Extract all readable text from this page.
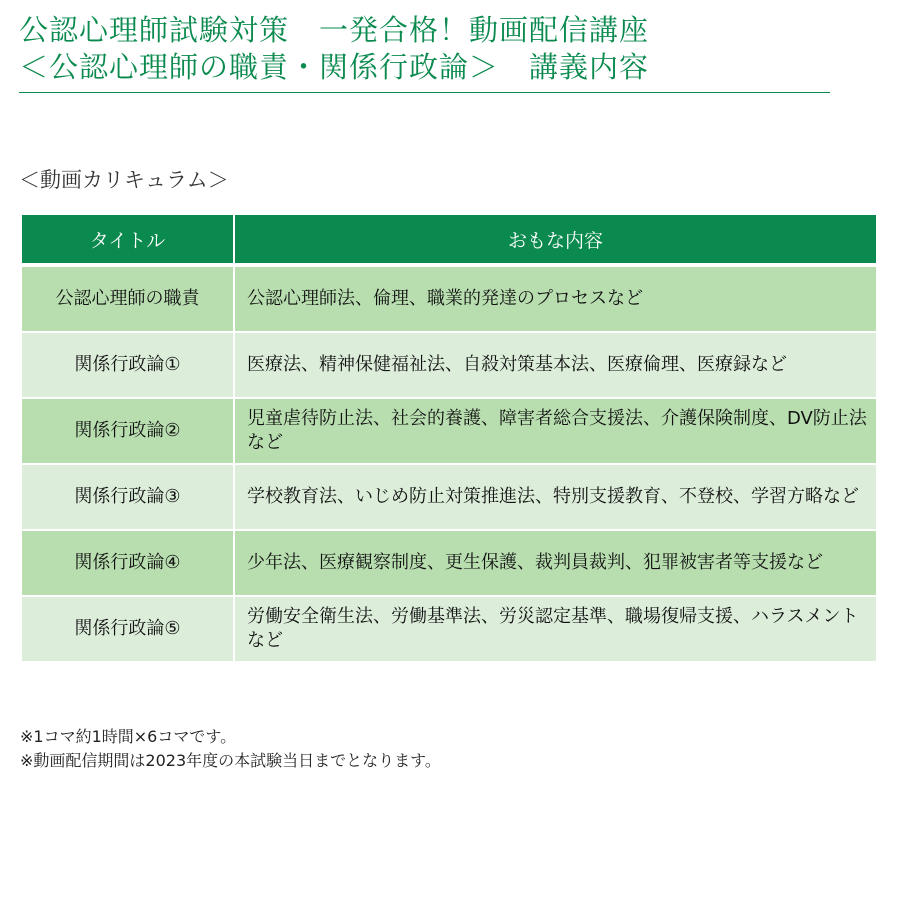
公認心理師試験対策　一発合格！動画配信講座
＜公認心理師の職責・関係行政論＞　講義内容
＜動画カリキュラム＞
タイトル	おもな内容
公認心理師の職責	公認心理師法、倫理、職業的発達のプロセスなど
関係行政論①	医療法、精神保健福祉法、自殺対策基本法、医療倫理、医療録など
関係行政論②	児童虐待防止法、社会的養護、障害者総合支援法、介護保険制度、DV防止法など
関係行政論③	学校教育法、いじめ防止対策推進法、特別支援教育、不登校、学習方略など
関係行政論④	少年法、医療観察制度、更生保護、裁判員裁判、犯罪被害者等支援など
関係行政論⑤	労働安全衛生法、労働基準法、労災認定基準、職場復帰支援、ハラスメントなど
※1コマ約1時間×6コマです。
※動画配信期間は2023年度の本試験当日までとなります。
